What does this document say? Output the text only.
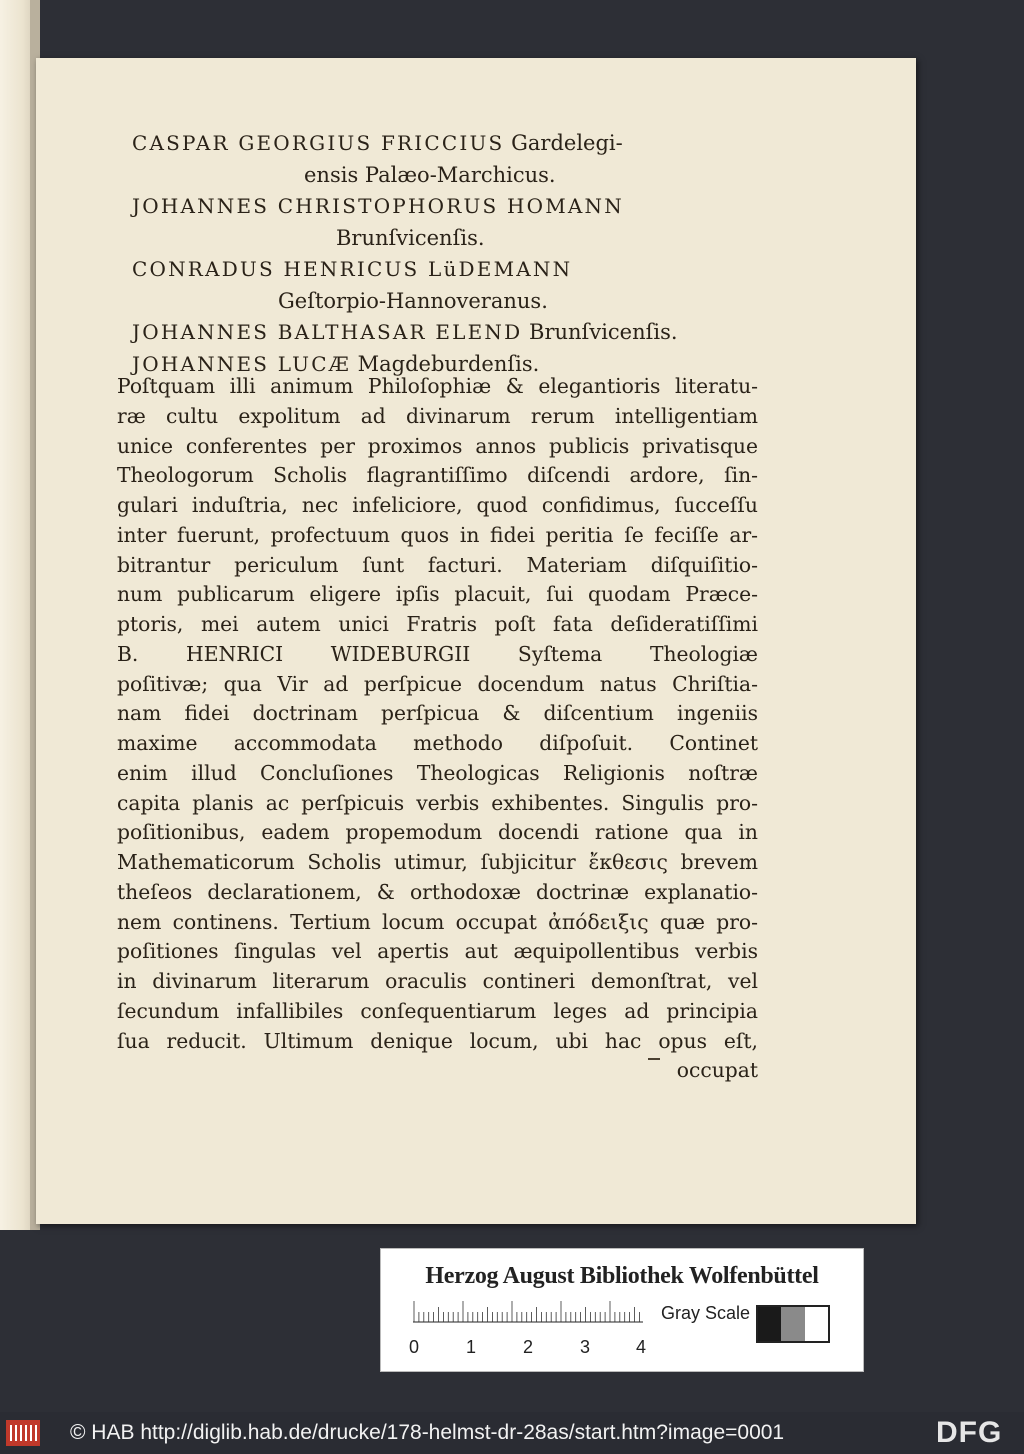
CASPAR GEORGIUS FRICCIUS Gardelegi-
ensis Palæo-Marchicus.
JOHANNES CHRISTOPHORUS HOMANN
Brunſvicenſis.
CONRADUS HENRICUS LüDEMANN
Geſtorpio-Hannoveranus.
JOHANNES BALTHASAR ELEND Brunſvicenſis.
JOHANNES LUCÆ Magdeburdenſis.
Poſtquam illi animum Philoſophiæ & elegantioris literatu-
ræ cultu expolitum ad divinarum rerum intelligentiam
unice conferentes per proximos annos publicis privatisque
Theologorum Scholis flagrantiſſimo diſcendi ardore, ſin-
gulari induſtria, nec infeliciore, quod confidimus, ſucceſſu
inter fuerunt, profectuum quos in fidei peritia ſe feciſſe ar-
bitrantur periculum ſunt facturi. Materiam diſquiſitio-
num publicarum eligere ipſis placuit, ſui quodam Præce-
ptoris, mei autem unici Fratris poſt fata deſideratiſſimi
B. HENRICI WIDEBURGII Syſtema Theologiæ
poſitivæ; qua Vir ad perſpicue docendum natus Chriſtia-
nam fidei doctrinam perſpicua & diſcentium ingeniis
maxime accommodata methodo diſpoſuit. Continet
enim illud Concluſiones Theologicas Religionis noſtræ
capita planis ac perſpicuis verbis exhibentes. Singulis pro-
poſitionibus, eadem propemodum docendi ratione qua in
Mathematicorum Scholis utimur, ſubjicitur ἔκθεσις brevem
theſeos declarationem, & orthodoxæ doctrinæ explanatio-
nem continens. Tertium locum occupat ἀπόδειξις quæ pro-
poſitiones ſingulas vel apertis aut æquipollentibus verbis
in divinarum literarum oraculis contineri demonſtrat, vel
ſecundum infallibiles conſequentiarum leges ad principia
ſua reducit. Ultimum denique locum, ubi hac opus eſt,
occupat
Herzog August Bibliothek Wolfenbüttel
0	1	2	3	4
Gray Scale
© HAB http://diglib.hab.de/drucke/178-helmst-dr-28as/start.htm?image=0001	DFG
